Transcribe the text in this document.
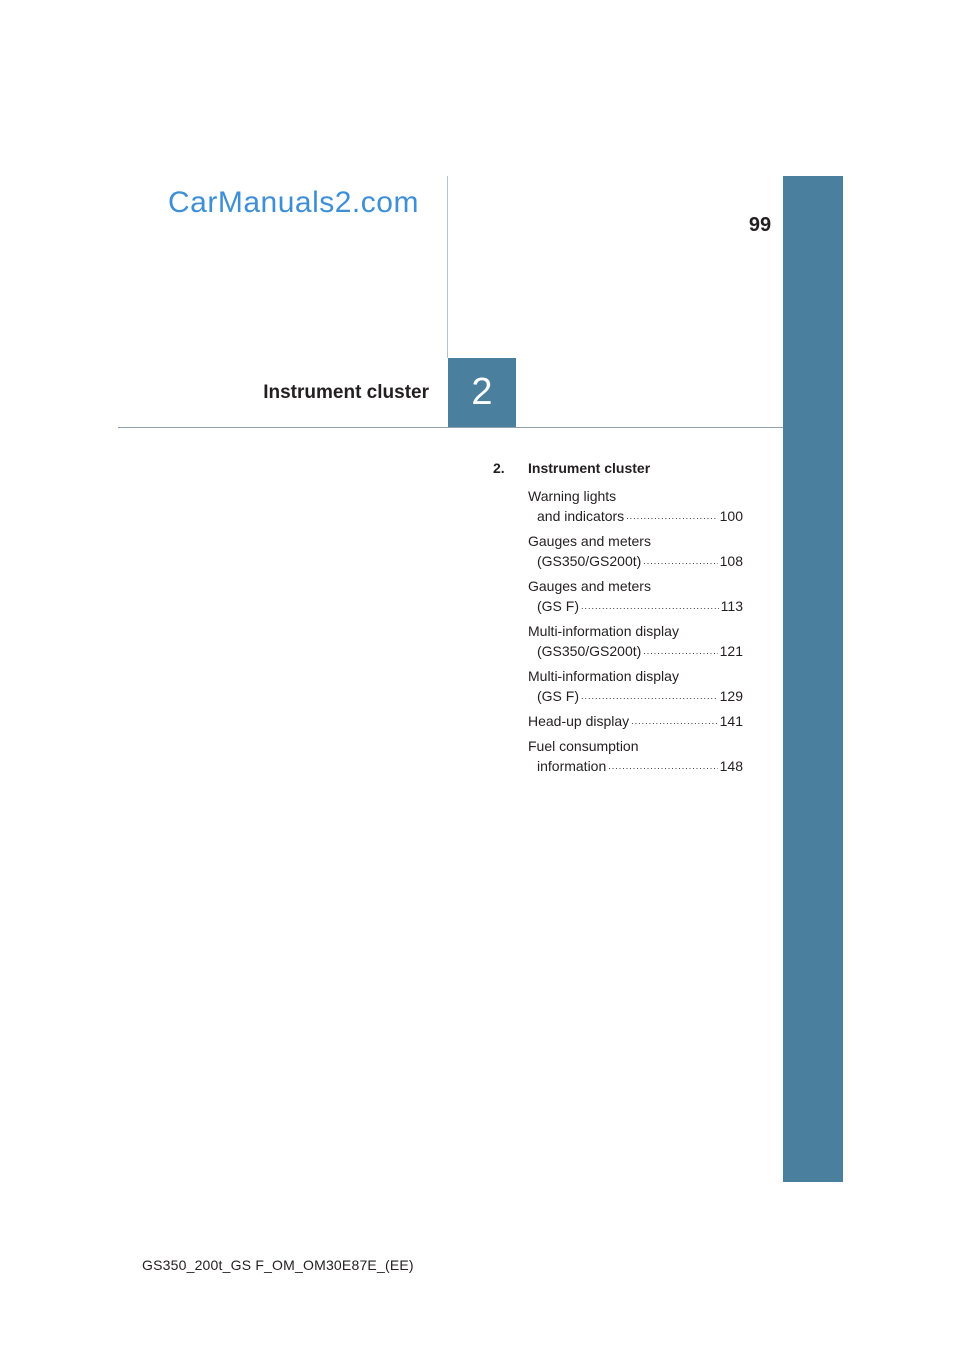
CarManuals2.com
99
Instrument cluster	2
2. Instrument cluster
Warning lights
and indicators .....	100
Gauges and meters
(GS350/GS200t) .....	108
Gauges and meters
(GS F) .....	113
Multi-information display
(GS350/GS200t) .....	121
Multi-information display
(GS F) .....	129
Head-up display .....	141
Fuel consumption
information .....	148
GS350_200t_GS F_OM_OM30E87E_(EE)
